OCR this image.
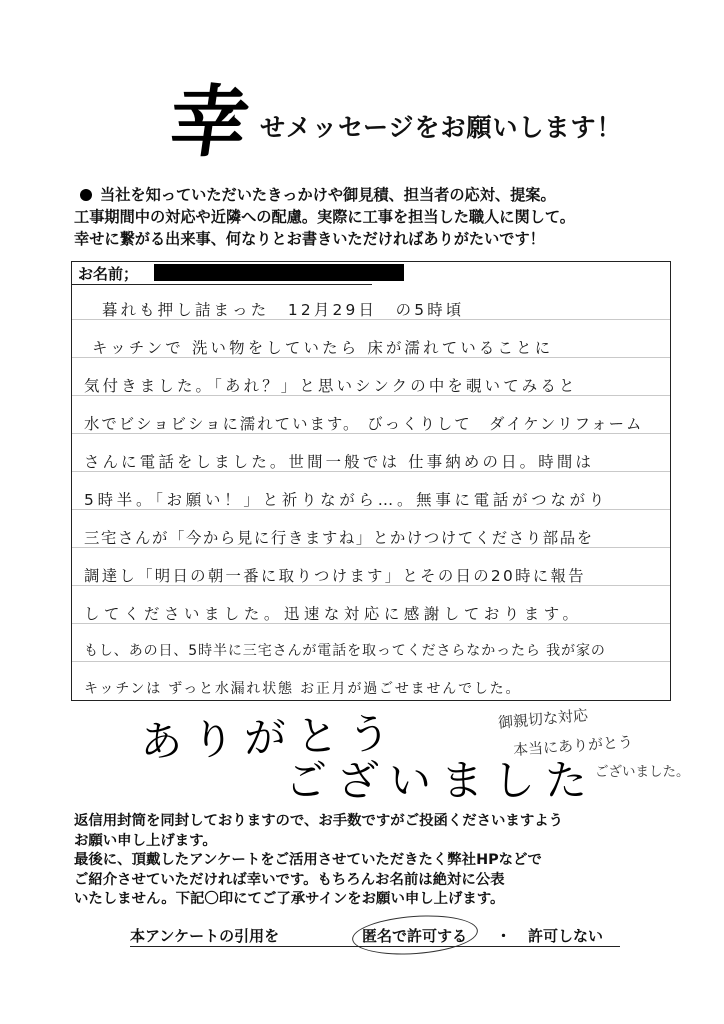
幸 せメッセージをお願いします！
当社を知っていただいたきっかけや御見積、担当者の応対、提案。
工事期間中の対応や近隣への配慮。実際に工事を担当した職人に関して。
幸せに繋がる出来事、何なりとお書きいただければありがたいです！
お名前；
暮れも押し詰まった　12月29日　の5時頃
キッチンで 洗い物をしていたら 床が濡れていることに
気付きました。「あれ？」と思いシンクの中を覗いてみると
水でビショビショに濡れています。 びっくりして　ダイケンリフォーム
さんに電話をしました。世間一般では 仕事納めの日。時間は
5時半。「お願い！」と祈りながら…。無事に電話がつながり
三宅さんが「今から見に行きますね」とかけつけてくださり部品を
調達し「明日の朝一番に取りつけます」とその日の20時に報告
してくださいました。迅速な対応に感謝しております。
もし、あの日、5時半に三宅さんが電話を取ってくださらなかったら 我が家の
キッチンは ずっと水漏れ状態 お正月が過ごせませんでした。
ありがとう
ございました
御親切な対応
本当にありがとう
ございました。
返信用封筒を同封しておりますので、お手数ですがご投函くださいますよう
お願い申し上げます。
最後に、頂戴したアンケートをご活用させていただきたく弊社HPなどで
ご紹介させていただければ幸いです。もちろんお名前は絶対に公表
いたしません。下記〇印にてご了承サインをお願い申し上げます。
本アンケートの引用を	匿名で許可する ・ 許可しない
